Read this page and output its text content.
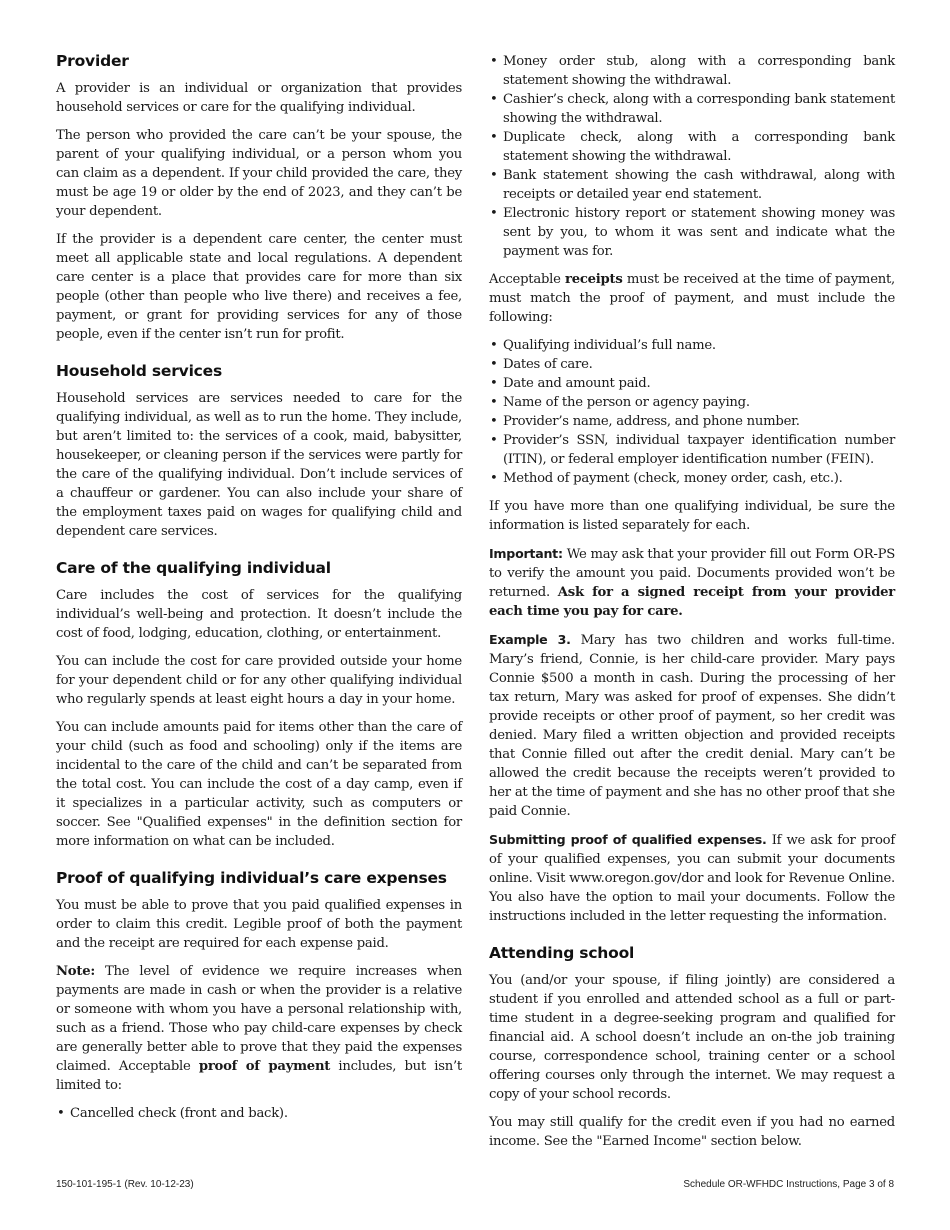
Provider

A provider is an individual or organization that provides household services or care for the qualifying individual.

The person who provided the care can’t be your spouse, the parent of your qualifying individual, or a person whom you can claim as a dependent. If your child provided the care, they must be age 19 or older by the end of 2023, and they can’t be your dependent.

If the provider is a dependent care center, the center must meet all applicable state and local regulations. A dependent care center is a place that provides care for more than six people (other than people who live there) and receives a fee, payment, or grant for providing services for any of those people, even if the center isn’t run for profit.

Household services

Household services are services needed to care for the qualifying individual, as well as to run the home. They include, but aren’t limited to: the services of a cook, maid, babysitter, housekeeper, or cleaning person if the services were partly for the care of the qualifying individual. Don’t include services of a chauffeur or gardener. You can also include your share of the employment taxes paid on wages for qualifying child and dependent care services.

Care of the qualifying individual

Care includes the cost of services for the qualifying individual’s well-being and protection. It doesn’t include the cost of food, lodging, education, clothing, or entertainment.

You can include the cost for care provided outside your home for your dependent child or for any other qualifying individual who regularly spends at least eight hours a day in your home.

You can include amounts paid for items other than the care of your child (such as food and schooling) only if the items are incidental to the care of the child and can’t be separated from the total cost. You can include the cost of a day camp, even if it specializes in a particular activity, such as computers or soccer. See "Qualified expenses" in the definition section for more information on what can be included.

Proof of qualifying individual’s care expenses

You must be able to prove that you paid qualified expenses in order to claim this credit. Legible proof of both the payment and the receipt are required for each expense paid.

Note: The level of evidence we require increases when payments are made in cash or when the provider is a relative or someone with whom you have a personal relationship with, such as a friend. Those who pay child-care expenses by check are generally better able to prove that they paid the expenses claimed. Acceptable proof of payment includes, but isn’t limited to:

• Cancelled check (front and back).
• Money order stub, along with a corresponding bank statement showing the withdrawal.
• Cashier’s check, along with a corresponding bank statement showing the withdrawal.
• Duplicate check, along with a corresponding bank statement showing the withdrawal.
• Bank statement showing the cash withdrawal, along with receipts or detailed year end statement.
• Electronic history report or statement showing money was sent by you, to whom it was sent and indicate what the payment was for.

Acceptable receipts must be received at the time of payment, must match the proof of payment, and must include the following:

• Qualifying individual’s full name.
• Dates of care.
• Date and amount paid.
• Name of the person or agency paying.
• Provider’s name, address, and phone number.
• Provider’s SSN, individual taxpayer identification number (ITIN), or federal employer identification number (FEIN).
• Method of payment (check, money order, cash, etc.).

If you have more than one qualifying individual, be sure the information is listed separately for each.

Important: We may ask that your provider fill out Form OR-PS to verify the amount you paid. Documents provided won’t be returned. Ask for a signed receipt from your provider each time you pay for care.

Example 3. Mary has two children and works full-time. Mary’s friend, Connie, is her child-care provider. Mary pays Connie $500 a month in cash. During the processing of her tax return, Mary was asked for proof of expenses. She didn’t provide receipts or other proof of payment, so her credit was denied. Mary filed a written objection and provided receipts that Connie filled out after the credit denial. Mary can’t be allowed the credit because the receipts weren’t provided to her at the time of payment and she has no other proof that she paid Connie.

Submitting proof of qualified expenses. If we ask for proof of your qualified expenses, you can submit your documents online. Visit www.oregon.gov/dor and look for Revenue Online. You also have the option to mail your documents. Follow the instructions included in the letter requesting the information.

Attending school

You (and/or your spouse, if filing jointly) are considered a student if you enrolled and attended school as a full or part-time student in a degree-seeking program and qualified for financial aid. A school doesn’t include an on-the job training course, correspondence school, training center or a school offering courses only through the internet. We may request a copy of your school records.

You may still qualify for the credit even if you had no earned income. See the "Earned Income" section below.

150-101-195-1 (Rev. 10-12-23)	Schedule OR-WFHDC Instructions, Page 3 of 8
